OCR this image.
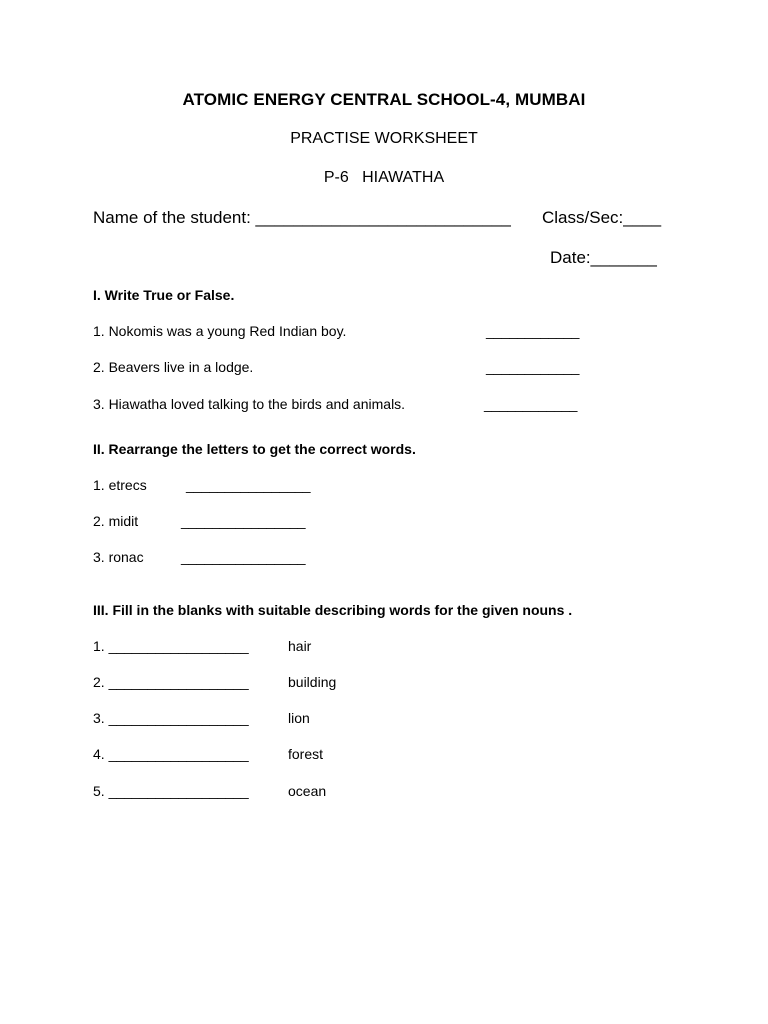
ATOMIC ENERGY CENTRAL SCHOOL-4, MUMBAI
PRACTISE WORKSHEET
P-6   HIAWATHA
Name of the student: ___________________________ Class/Sec:____
Date:_______
I. Write True or False.
1. Nokomis was a young Red Indian boy.	____________
2. Beavers live in a lodge.	____________
3. Hiawatha loved talking to the birds and animals.	____________
II. Rearrange the letters to get the correct words.
1. etrecs	________________
2. midit	________________
3. ronac	________________
III. Fill in the blanks with suitable describing words for the given nouns .
1. __________________	hair
2. __________________	building
3. __________________	lion
4. __________________	forest
5. __________________	ocean
